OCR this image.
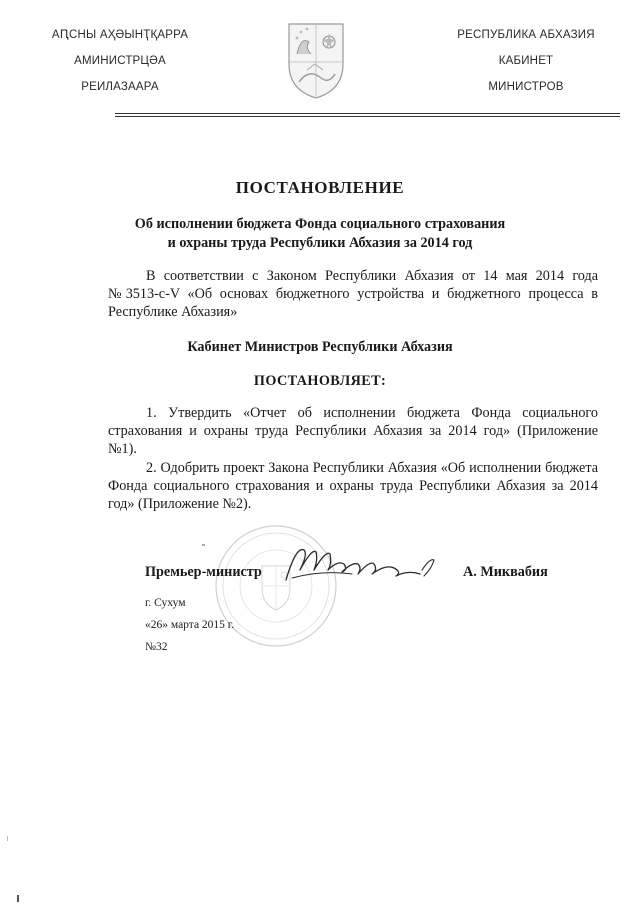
АԤСНЫ АҲӘЫНҬҚАРРА
АМИНИСТРЦӘА
РЕИЛАЗААРА
РЕСПУБЛИКА АБХАЗИЯ
КАБИНЕТ
МИНИСТРОВ
ПОСТАНОВЛЕНИЕ
Об исполнении бюджета Фонда социального страхования
и охраны труда Республики Абхазия за 2014 год
В соответствии с Законом Республики Абхазия от 14 мая 2014 года №3513-с-V «Об основах бюджетного устройства и бюджетного процесса в Республике Абхазия»
Кабинет Министров Республики Абхазия
ПОСТАНОВЛЯЕТ:
1. Утвердить «Отчет об исполнении бюджета Фонда социального страхования и охраны труда Республики Абхазия за 2014 год» (Приложение №1).
2. Одобрить проект Закона Республики Абхазия «Об исполнении бюджета Фонда социального страхования и охраны труда Республики Абхазия за 2014 год» (Приложение №2).
Премьер-министр	А. Миквабия
г. Сухум
«26» марта 2015 г.
№32
